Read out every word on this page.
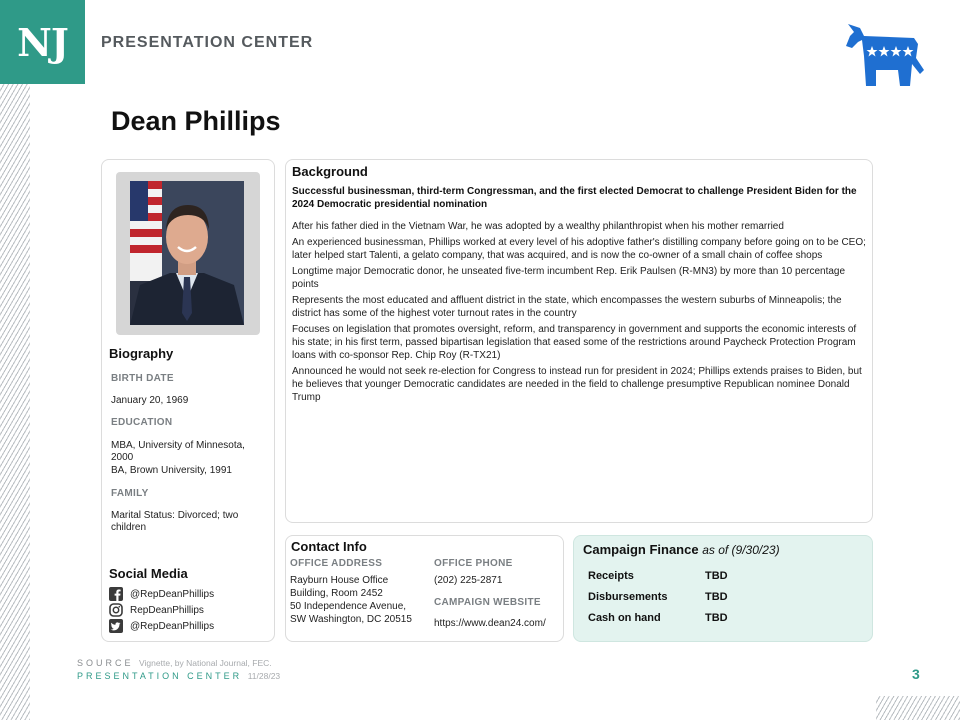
NJ PRESENTATION CENTER
Dean Phillips
Biography
BIRTH DATE
January 20, 1969
EDUCATION
MBA, University of Minnesota, 2000
BA, Brown University, 1991
FAMILY
Marital Status: Divorced; two children
Social Media
@RepDeanPhillips
RepDeanPhillips
@RepDeanPhillips
Background
Successful businessman, third-term Congressman, and the first elected Democrat to challenge President Biden for the 2024 Democratic presidential nomination
After his father died in the Vietnam War, he was adopted by a wealthy philanthropist when his mother remarried
An experienced businessman, Phillips worked at every level of his adoptive father's distilling company before going on to be CEO; later helped start Talenti, a gelato company, that was acquired, and is now the co-owner of a small chain of coffee shops
Longtime major Democratic donor, he unseated five-term incumbent Rep. Erik Paulsen (R-MN3) by more than 10 percentage points
Represents the most educated and affluent district in the state, which encompasses the western suburbs of Minneapolis; the district has some of the highest voter turnout rates in the country
Focuses on legislation that promotes oversight, reform, and transparency in government and supports the economic interests of his state; in his first term, passed bipartisan legislation that eased some of the restrictions around Paycheck Protection Program loans with co-sponsor Rep. Chip Roy (R-TX21)
Announced he would not seek re-election for Congress to instead run for president in 2024; Phillips extends praises to Biden, but he believes that younger Democratic candidates are needed in the field to challenge presumptive Republican nominee Donald Trump
Contact Info
OFFICE ADDRESS
Rayburn House Office
Building, Room 2452
50 Independence Avenue,
SW Washington, DC 20515
OFFICE PHONE
(202) 225-2871
CAMPAIGN WEBSITE
https://www.dean24.com/
Campaign Finance as of (9/30/23)
Receipts	TBD
Disbursements	TBD
Cash on hand	TBD
SOURCE Vignette, by National Journal, FEC.
PRESENTATION CENTER 11/28/23	3
